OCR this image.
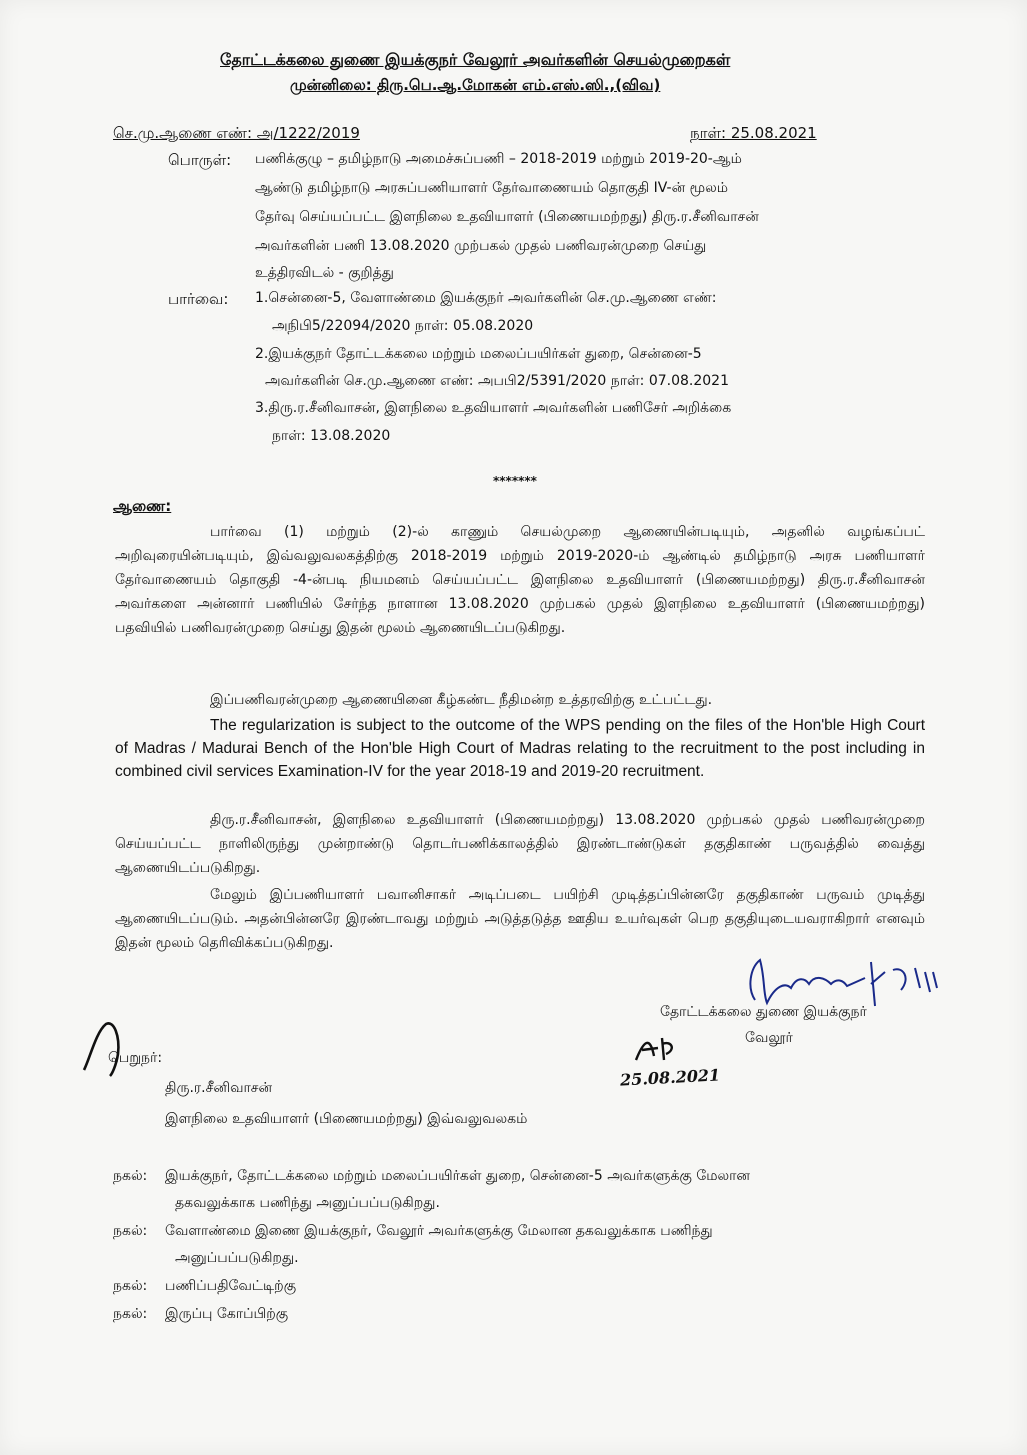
தோட்டக்கலை துணை இயக்குநர் வேலூர் அவர்களின் செயல்முறைகள்
முன்னிலை: திரு.பெ.ஆ.மோகன் எம்.எஸ்.ஸி.,(விவ)
செ.மு.ஆணை எண்: அ/1222/2019	நாள்: 25.08.2021
பொருள்: பணிக்குழு – தமிழ்நாடு அமைச்சுப்பணி – 2018-2019 மற்றும் 2019-20-ஆம்
ஆண்டு தமிழ்நாடு அரசுப்பணியாளர் தேர்வாணையம் தொகுதி IV-ன் மூலம்
தேர்வு செய்யப்பட்ட இளநிலை உதவியாளர் (பிணையமற்றது) திரு.ர.சீனிவாசன்
அவர்களின் பணி 13.08.2020 முற்பகல் முதல் பணிவரன்முறை செய்து
உத்திரவிடல் - குறித்து
பார்வை: 1.சென்னை-5, வேளாண்மை இயக்குநர் அவர்களின் செ.மு.ஆணை எண்:
அநிபி5/22094/2020 நாள்: 05.08.2020
2.இயக்குநர் தோட்டக்கலை மற்றும் மலைப்பயிர்கள் துறை, சென்னை-5
அவர்களின் செ.மு.ஆணை எண்: அபபி2/5391/2020 நாள்: 07.08.2021
3.திரு.ர.சீனிவாசன், இளநிலை உதவியாளர் அவர்களின் பணிசேர் அறிக்கை
நாள்: 13.08.2020
*******
ஆணை:
பார்வை (1) மற்றும் (2)-ல் காணும் செயல்முறை ஆணையின்படியும், அதனில் வழங்கப்பட் அறிவுரையின்படியும், இவ்வலுவலகத்திற்கு 2018-2019 மற்றும் 2019-2020-ம் ஆண்டில் தமிழ்நாடு அரசு பணியாளர் தேர்வாணையம் தொகுதி -4-ன்படி நியமனம் செய்யப்பட்ட இளநிலை உதவியாளர் (பிணையமற்றது) திரு.ர.சீனிவாசன் அவர்களை அன்னார் பணியில் சேர்ந்த நாளான 13.08.2020 முற்பகல் முதல் இளநிலை உதவியாளர் (பிணையமற்றது) பதவியில் பணிவரன்முறை செய்து இதன் மூலம் ஆணையிடப்படுகிறது.
இப்பணிவரன்முறை ஆணையினை கீழ்கண்ட நீதிமன்ற உத்தரவிற்கு உட்பட்டது.
The regularization is subject to the outcome of the WPS pending on the files of the Hon'ble High Court of Madras / Madurai Bench of the Hon'ble High Court of Madras relating to the recruitment to the post including in combined civil services Examination-IV for the year 2018-19 and 2019-20 recruitment.
திரு.ர.சீனிவாசன், இளநிலை உதவியாளர் (பிணையமற்றது) 13.08.2020 முற்பகல் முதல் பணிவரன்முறை செய்யப்பட்ட நாளிலிருந்து முன்றாண்டு தொடர்பணிக்காலத்தில் இரண்டாண்டுகள் தகுதிகாண் பருவத்தில் வைத்து ஆணையிடப்படுகிறது.
மேலும் இப்பணியாளர் பவானிசாகர் அடிப்படை பயிற்சி முடித்தப்பின்னரே தகுதிகாண் பருவம் முடித்து ஆணையிடப்படும். அதன்பின்னரே இரண்டாவது மற்றும் அடுத்தடுத்த ஊதிய உயர்வுகள் பெற தகுதியுடையவராகிறார் எனவும் இதன் மூலம் தெரிவிக்கப்படுகிறது.
தோட்டக்கலை துணை இயக்குநர்
வேலூர்
25.08.2021
பெறுநர்:
திரு.ர.சீனிவாசன்
இளநிலை உதவியாளர் (பிணையமற்றது) இவ்வலுவலகம்
நகல்: இயக்குநர், தோட்டக்கலை மற்றும் மலைப்பயிர்கள் துறை, சென்னை-5 அவர்களுக்கு மேலான
தகவலுக்காக பணிந்து அனுப்பப்படுகிறது.
நகல்: வேளாண்மை இணை இயக்குநர், வேலூர் அவர்களுக்கு மேலான தகவலுக்காக பணிந்து
அனுப்பப்படுகிறது.
நகல்: பணிப்பதிவேட்டிற்கு
நகல்: இருப்பு கோப்பிற்கு
